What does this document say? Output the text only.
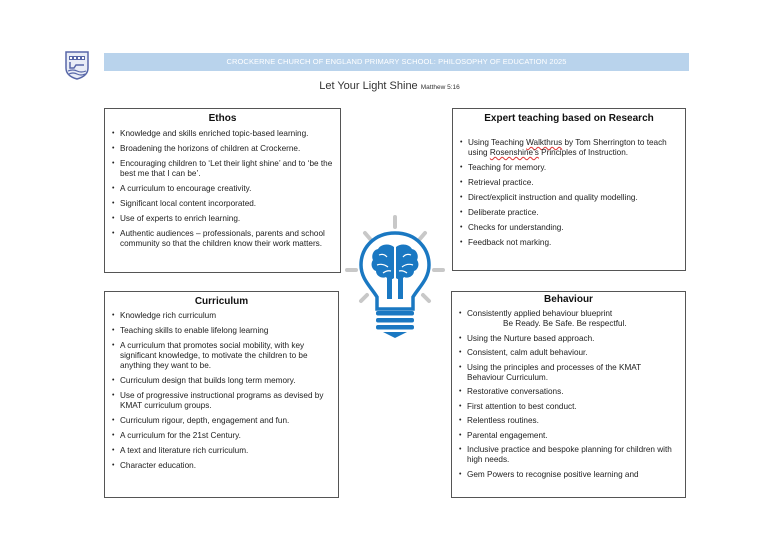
CROCKERNE CHURCH OF ENGLAND PRIMARY SCHOOL: PHILOSOPHY OF EDUCATION 2025
Let Your Light Shine Matthew 5:16
Ethos
• Knowledge and skills enriched topic-based learning.
• Broadening the horizons of children at Crockerne.
• Encouraging children to ‘Let their light shine’ and to ‘be the best me that I can be’.
• A curriculum to encourage creativity.
• Significant local content incorporated.
• Use of experts to enrich learning.
• Authentic audiences – professionals, parents and school community so that the children know their work matters.
Expert teaching based on Research
• Using Teaching Walkthrus by Tom Sherrington to teach using Rosenshine’s Principles of Instruction.
• Teaching for memory.
• Retrieval practice.
• Direct/explicit instruction and quality modelling.
• Deliberate practice.
• Checks for understanding.
• Feedback not marking.
Curriculum
• Knowledge rich curriculum
• Teaching skills to enable lifelong learning
• A curriculum that promotes social mobility, with key significant knowledge, to motivate the children to be anything they want to be.
• Curriculum design that builds long term memory.
• Use of progressive instructional programs as devised by KMAT curriculum groups.
• Curriculum rigour, depth, engagement and fun.
• A curriculum for the 21st Century.
• A text and literature rich curriculum.
• Character education.
Behaviour
• Consistently applied behaviour blueprint
Be Ready. Be Safe. Be respectful.
• Using the Nurture based approach.
• Consistent, calm adult behaviour.
• Using the principles and processes of the KMAT Behaviour Curriculum.
• Restorative conversations.
• First attention to best conduct.
• Relentless routines.
• Parental engagement.
• Inclusive practice and bespoke planning for children with high needs.
• Gem Powers to recognise positive learning and
